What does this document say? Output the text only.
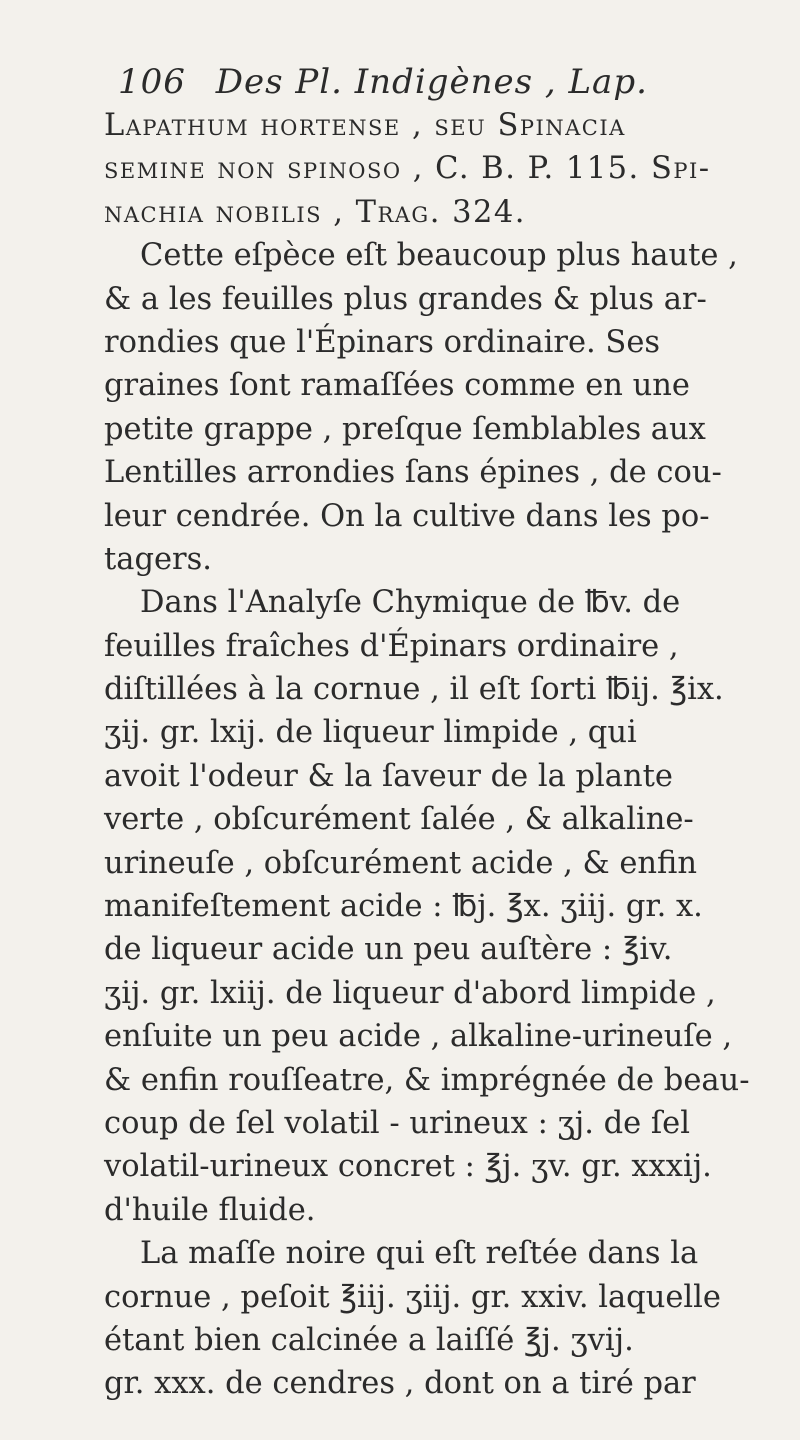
106 Des Pl. Indigènes , Lap.
Lapathum hortense , ſeu Spinacia
semine non spinoso , C. B. P. 115. Spi-
nachia nobilis , Trag. 324.
Cette eſpèce eſt beaucoup plus haute ,
& a les feuilles plus grandes & plus ar-
rondies que l'Épinars ordinaire. Ses
graines ſont ramaſſées comme en une
petite grappe , preſque ſemblables aux
Lentilles arrondies ſans épines , de cou-
leur cendrée. On la cultive dans les po-
tagers.
Dans l'Analyſe Chymique de ℔v. de
feuilles fraîches d'Épinars ordinaire ,
diſtillées à la cornue , il eſt ſorti ℔ij. ℥ix.
ʒij. gr. lxij. de liqueur limpide , qui
avoit l'odeur & la ſaveur de la plante
verte , obſcurément ſalée , & alkaline-
urineuſe , obſcurément acide , & enfin
manifeſtement acide : ℔j. ℥x. ʒiij. gr. x.
de liqueur acide un peu auſtère : ℥iv.
ʒij. gr. lxiij. de liqueur d'abord limpide ,
enſuite un peu acide , alkaline-urineuſe ,
& enfin rouſſeatre, & imprégnée de beau-
coup de ſel volatil - urineux : ʒj. de ſel
volatil-urineux concret : ℥j. ʒv. gr. xxxij.
d'huile fluide.
La maſſe noire qui eſt reſtée dans la
cornue , peſoit ℥iij. ʒiij. gr. xxiv. laquelle
étant bien calcinée a laiſſé ℥j. ʒvij.
gr. xxx. de cendres , dont on a tiré par
